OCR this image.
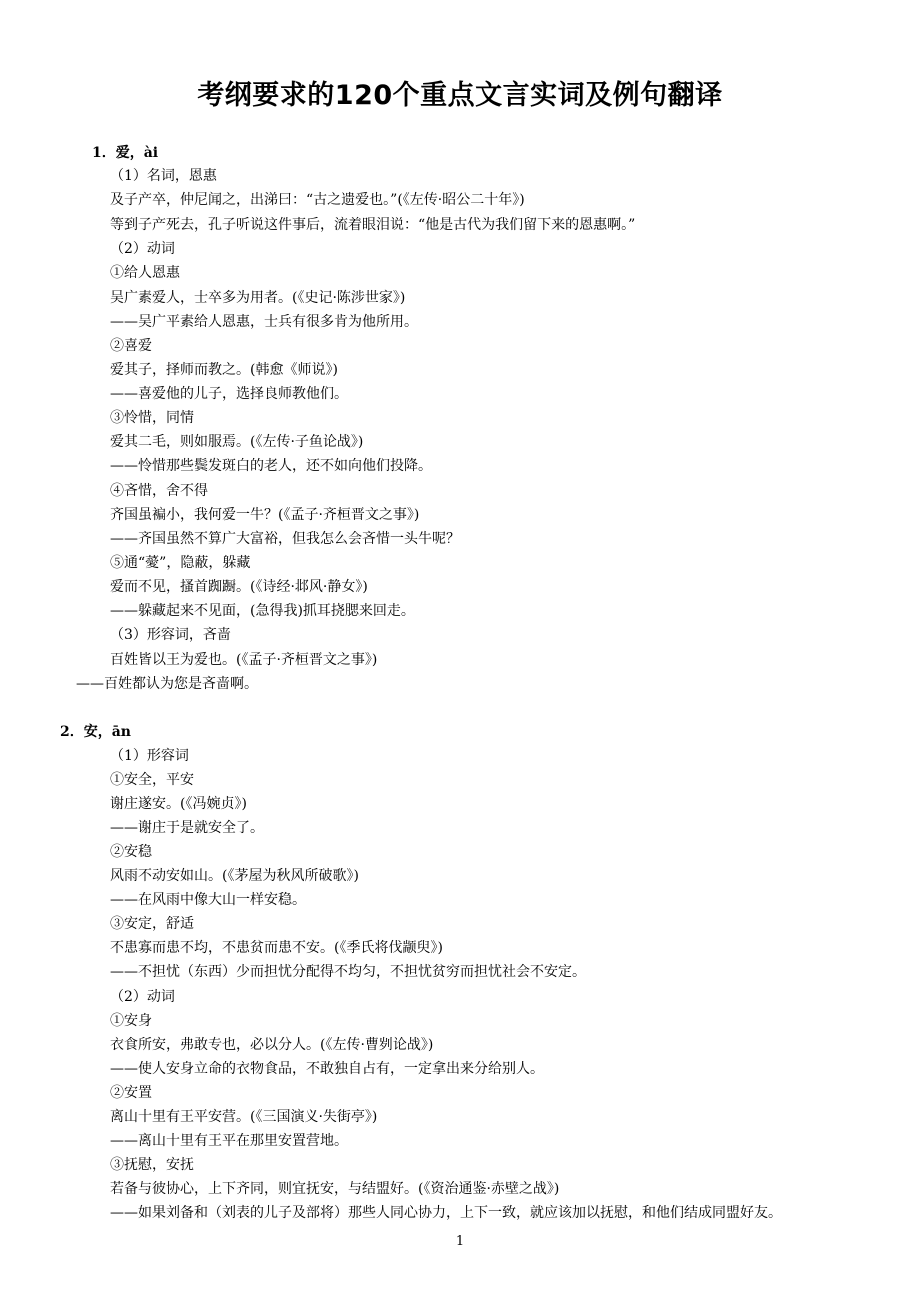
考纲要求的120个重点文言实词及例句翻译
1．爱，ài
（1）名词，恩惠
及子产卒，仲尼闻之，出涕曰：“古之遗爱也。”(《左传·昭公二十年》)
等到子产死去，孔子听说这件事后，流着眼泪说：“他是古代为我们留下来的恩惠啊。”
（2）动词
①给人恩惠
吴广素爱人，士卒多为用者。(《史记·陈涉世家》)
——吴广平素给人恩惠，士兵有很多肯为他所用。
②喜爱
爱其子，择师而教之。(韩愈《师说》)
——喜爱他的儿子，选择良师教他们。
③怜惜，同情
爱其二毛，则如服焉。(《左传·子鱼论战》)
——怜惜那些鬓发斑白的老人，还不如向他们投降。
④吝惜，舍不得
齐国虽褊小，我何爱一牛？(《孟子·齐桓晋文之事》)
——齐国虽然不算广大富裕，但我怎么会吝惜一头牛呢？
⑤通“薆”，隐蔽，躲藏
爱而不见，搔首踟蹰。(《诗经·邶风·静女》)
——躲藏起来不见面，(急得我)抓耳挠腮来回走。
（3）形容词，吝啬
百姓皆以王为爱也。(《孟子·齐桓晋文之事》)
——百姓都认为您是吝啬啊。
2．安，ān
（1）形容词
①安全，平安
谢庄遂安。(《冯婉贞》)
——谢庄于是就安全了。
②安稳
风雨不动安如山。(《茅屋为秋风所破歌》)
——在风雨中像大山一样安稳。
③安定，舒适
不患寡而患不均，不患贫而患不安。(《季氏将伐颛臾》)
——不担忧（东西）少而担忧分配得不均匀，不担忧贫穷而担忧社会不安定。
（2）动词
①安身
衣食所安，弗敢专也，必以分人。(《左传·曹刿论战》)
——使人安身立命的衣物食品，不敢独自占有，一定拿出来分给别人。
②安置
离山十里有王平安营。(《三国演义·失街亭》)
——离山十里有王平在那里安置营地。
③抚慰，安抚
若备与彼协心，上下齐同，则宜抚安，与结盟好。(《资治通鉴·赤壁之战》)
——如果刘备和（刘表的儿子及部将）那些人同心协力，上下一致，就应该加以抚慰，和他们结成同盟好友。
1
